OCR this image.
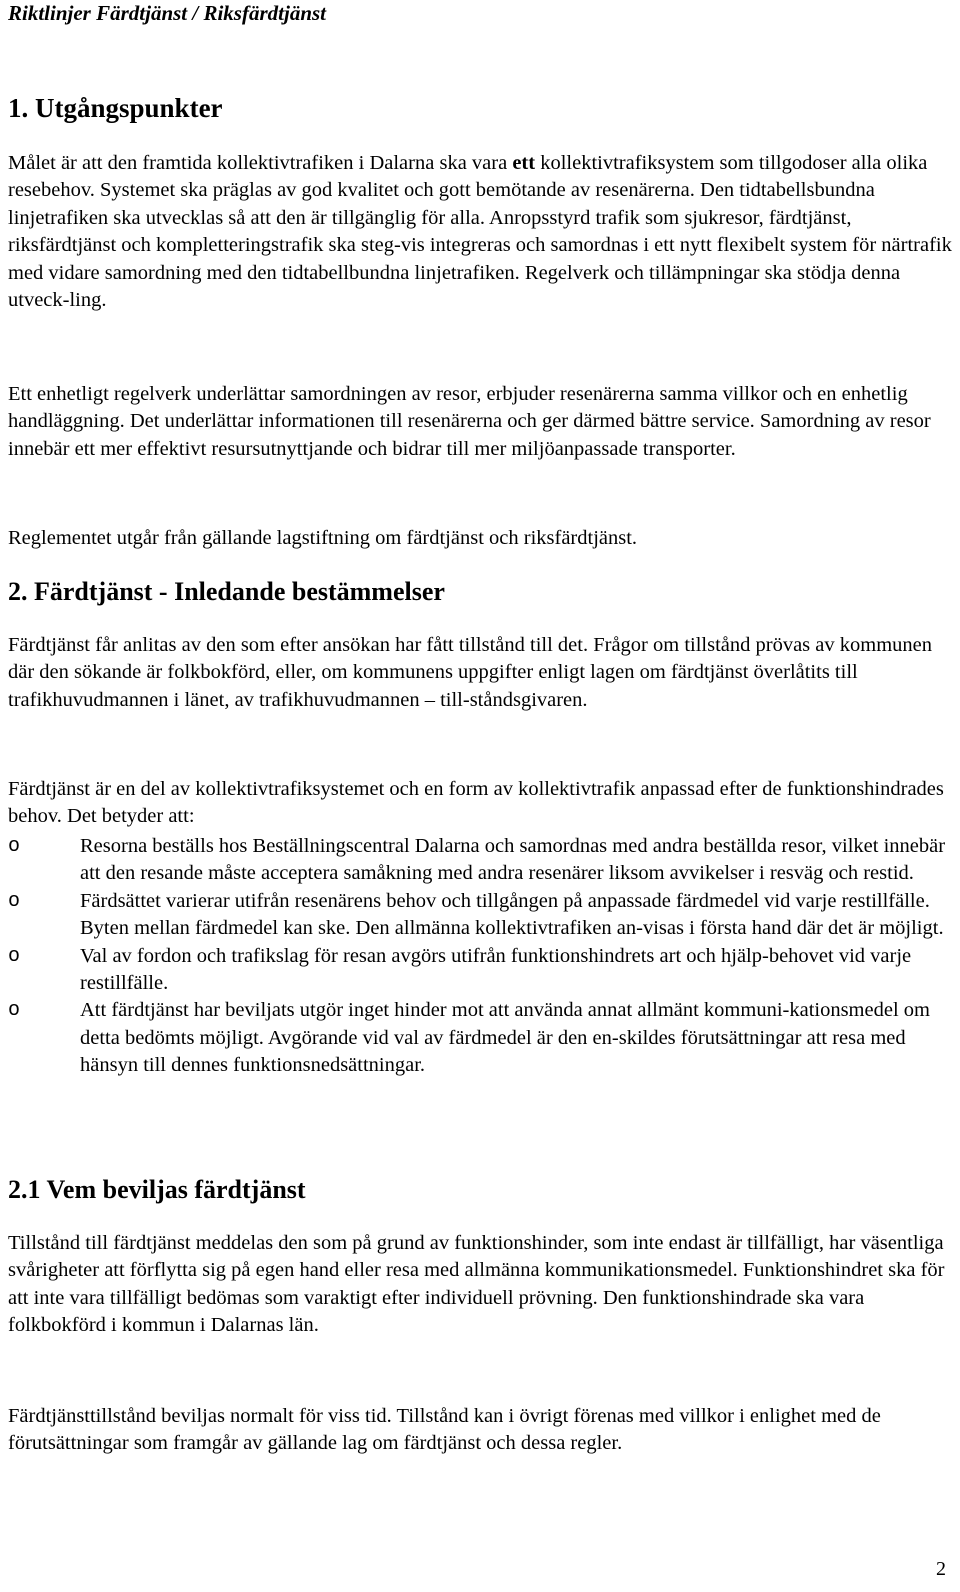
Riktlinjer Färdtjänst / Riksfärdtjänst
1. Utgångspunkter

Målet är att den framtida kollektivtrafiken i Dalarna ska vara ett kollektivtrafiksystem som tillgodoser alla olika resebehov. Systemet ska präglas av god kvalitet och gott bemötande av resenärerna. Den tidtabellsbundna linjetrafiken ska utvecklas så att den är tillgänglig för alla. Anropsstyrd trafik som sjukresor, färdtjänst, riksfärdtjänst och kompletteringstrafik ska steg-vis integreras och samordnas i ett nytt flexibelt system för närtrafik med vidare samordning med den tidtabellbundna linjetrafiken. Regelverk och tillämpningar ska stödja denna utveck-ling.

Ett enhetligt regelverk underlättar samordningen av resor, erbjuder resenärerna samma villkor och en enhetlig handläggning. Det underlättar informationen till resenärerna och ger därmed bättre service. Samordning av resor innebär ett mer effektivt resursutnyttjande och bidrar till mer miljöanpassade transporter.

Reglementet utgår från gällande lagstiftning om färdtjänst och riksfärdtjänst.

2. Färdtjänst - Inledande bestämmelser

Färdtjänst får anlitas av den som efter ansökan har fått tillstånd till det. Frågor om tillstånd prövas av kommunen där den sökande är folkbokförd, eller, om kommunens uppgifter enligt lagen om färdtjänst överlåtits till trafikhuvudmannen i länet, av trafikhuvudmannen – till-ståndsgivaren.

Färdtjänst är en del av kollektivtrafiksystemet och en form av kollektivtrafik anpassad efter de funktionshindrades behov. Det betyder att:

o	Resorna beställs hos Beställningscentral Dalarna och samordnas med andra beställda resor, vilket innebär att den resande måste acceptera samåkning med andra resenärer liksom avvikelser i resväg och restid.
o	Färdsättet varierar utifrån resenärens behov och tillgången på anpassade färdmedel vid varje restillfälle. Byten mellan färdmedel kan ske. Den allmänna kollektivtrafiken an-visas i första hand där det är möjligt.
o	Val av fordon och trafikslag för resan avgörs utifrån funktionshindrets art och hjälp-behovet vid varje restillfälle.
o	Att färdtjänst har beviljats utgör inget hinder mot att använda annat allmänt kommuni-kationsmedel om detta bedömts möjligt. Avgörande vid val av färdmedel är den en-skildes förutsättningar att resa med hänsyn till dennes funktionsnedsättningar.
2.1 Vem beviljas färdtjänst

Tillstånd till färdtjänst meddelas den som på grund av funktionshinder, som inte endast är tillfälligt, har väsentliga svårigheter att förflytta sig på egen hand eller resa med allmänna kommunikationsmedel. Funktionshindret ska för att inte vara tillfälligt bedömas som varaktigt efter individuell prövning. Den funktionshindrade ska vara folkbokförd i kommun i Dalarnas län.

Färdtjänsttillstånd beviljas normalt för viss tid. Tillstånd kan i övrigt förenas med villkor i enlighet med de förutsättningar som framgår av gällande lag om färdtjänst och dessa regler.

2
